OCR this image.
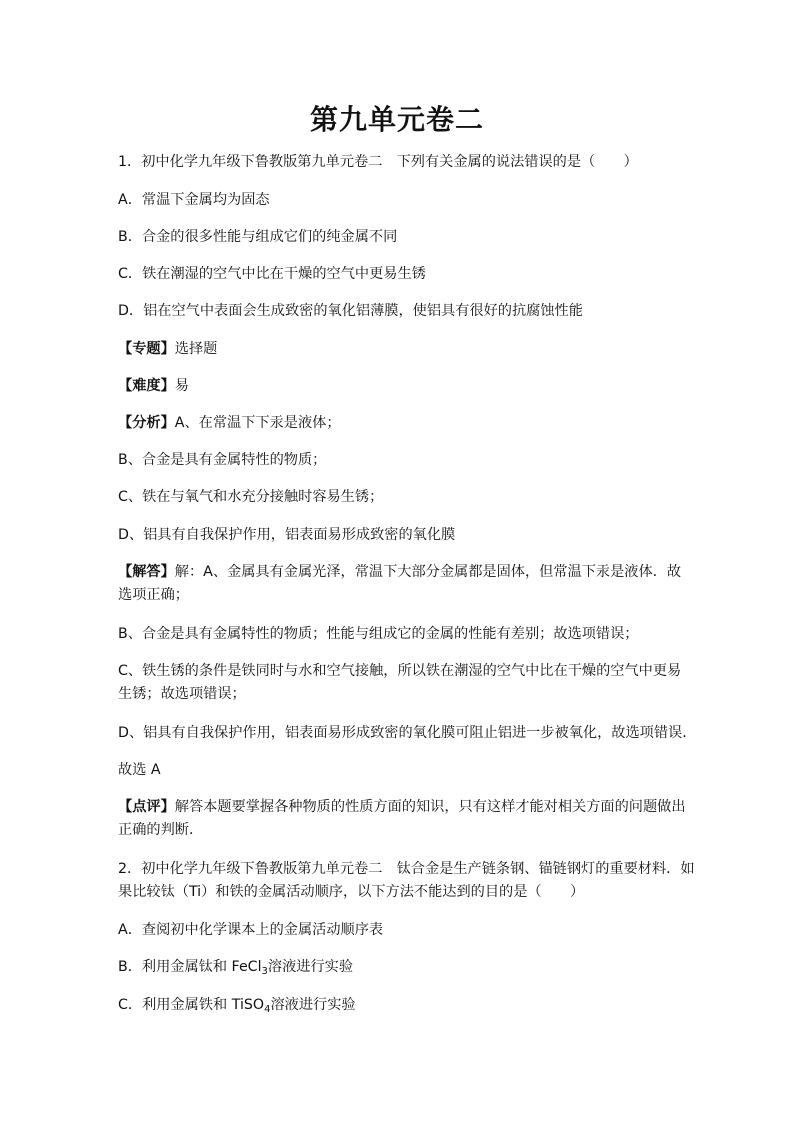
第九单元卷二
1．初中化学九年级下鲁教版第九单元卷二　下列有关金属的说法错误的是（　　）
A．常温下金属均为固态
B．合金的很多性能与组成它们的纯金属不同
C．铁在潮湿的空气中比在干燥的空气中更易生锈
D．铝在空气中表面会生成致密的氧化铝薄膜，使铝具有很好的抗腐蚀性能
【专题】选择题
【难度】易
【分析】A、在常温下下汞是液体；
B、合金是具有金属特性的物质；
C、铁在与氧气和水充分接触时容易生锈；
D、铝具有自我保护作用，铝表面易形成致密的氧化膜
【解答】解：A、金属具有金属光泽，常温下大部分金属都是固体，但常温下汞是液体．故
选项正确；
B、合金是具有金属特性的物质；性能与组成它的金属的性能有差别；故选项错误；
C、铁生锈的条件是铁同时与水和空气接触，所以铁在潮湿的空气中比在干燥的空气中更易
生锈；故选项错误；
D、铝具有自我保护作用，铝表面易形成致密的氧化膜可阻止铝进一步被氧化，故选项错误．
故选 A
【点评】解答本题要掌握各种物质的性质方面的知识，只有这样才能对相关方面的问题做出
正确的判断．
2．初中化学九年级下鲁教版第九单元卷二　钛合金是生产链条钢、锚链钢灯的重要材料．如
果比较钛（Ti）和铁的金属活动顺序，以下方法不能达到的目的是（　　）
A．查阅初中化学课本上的金属活动顺序表
B．利用金属钛和 FeCl$_3$溶液进行实验
C．利用金属铁和 TiSO$_4$溶液进行实验
